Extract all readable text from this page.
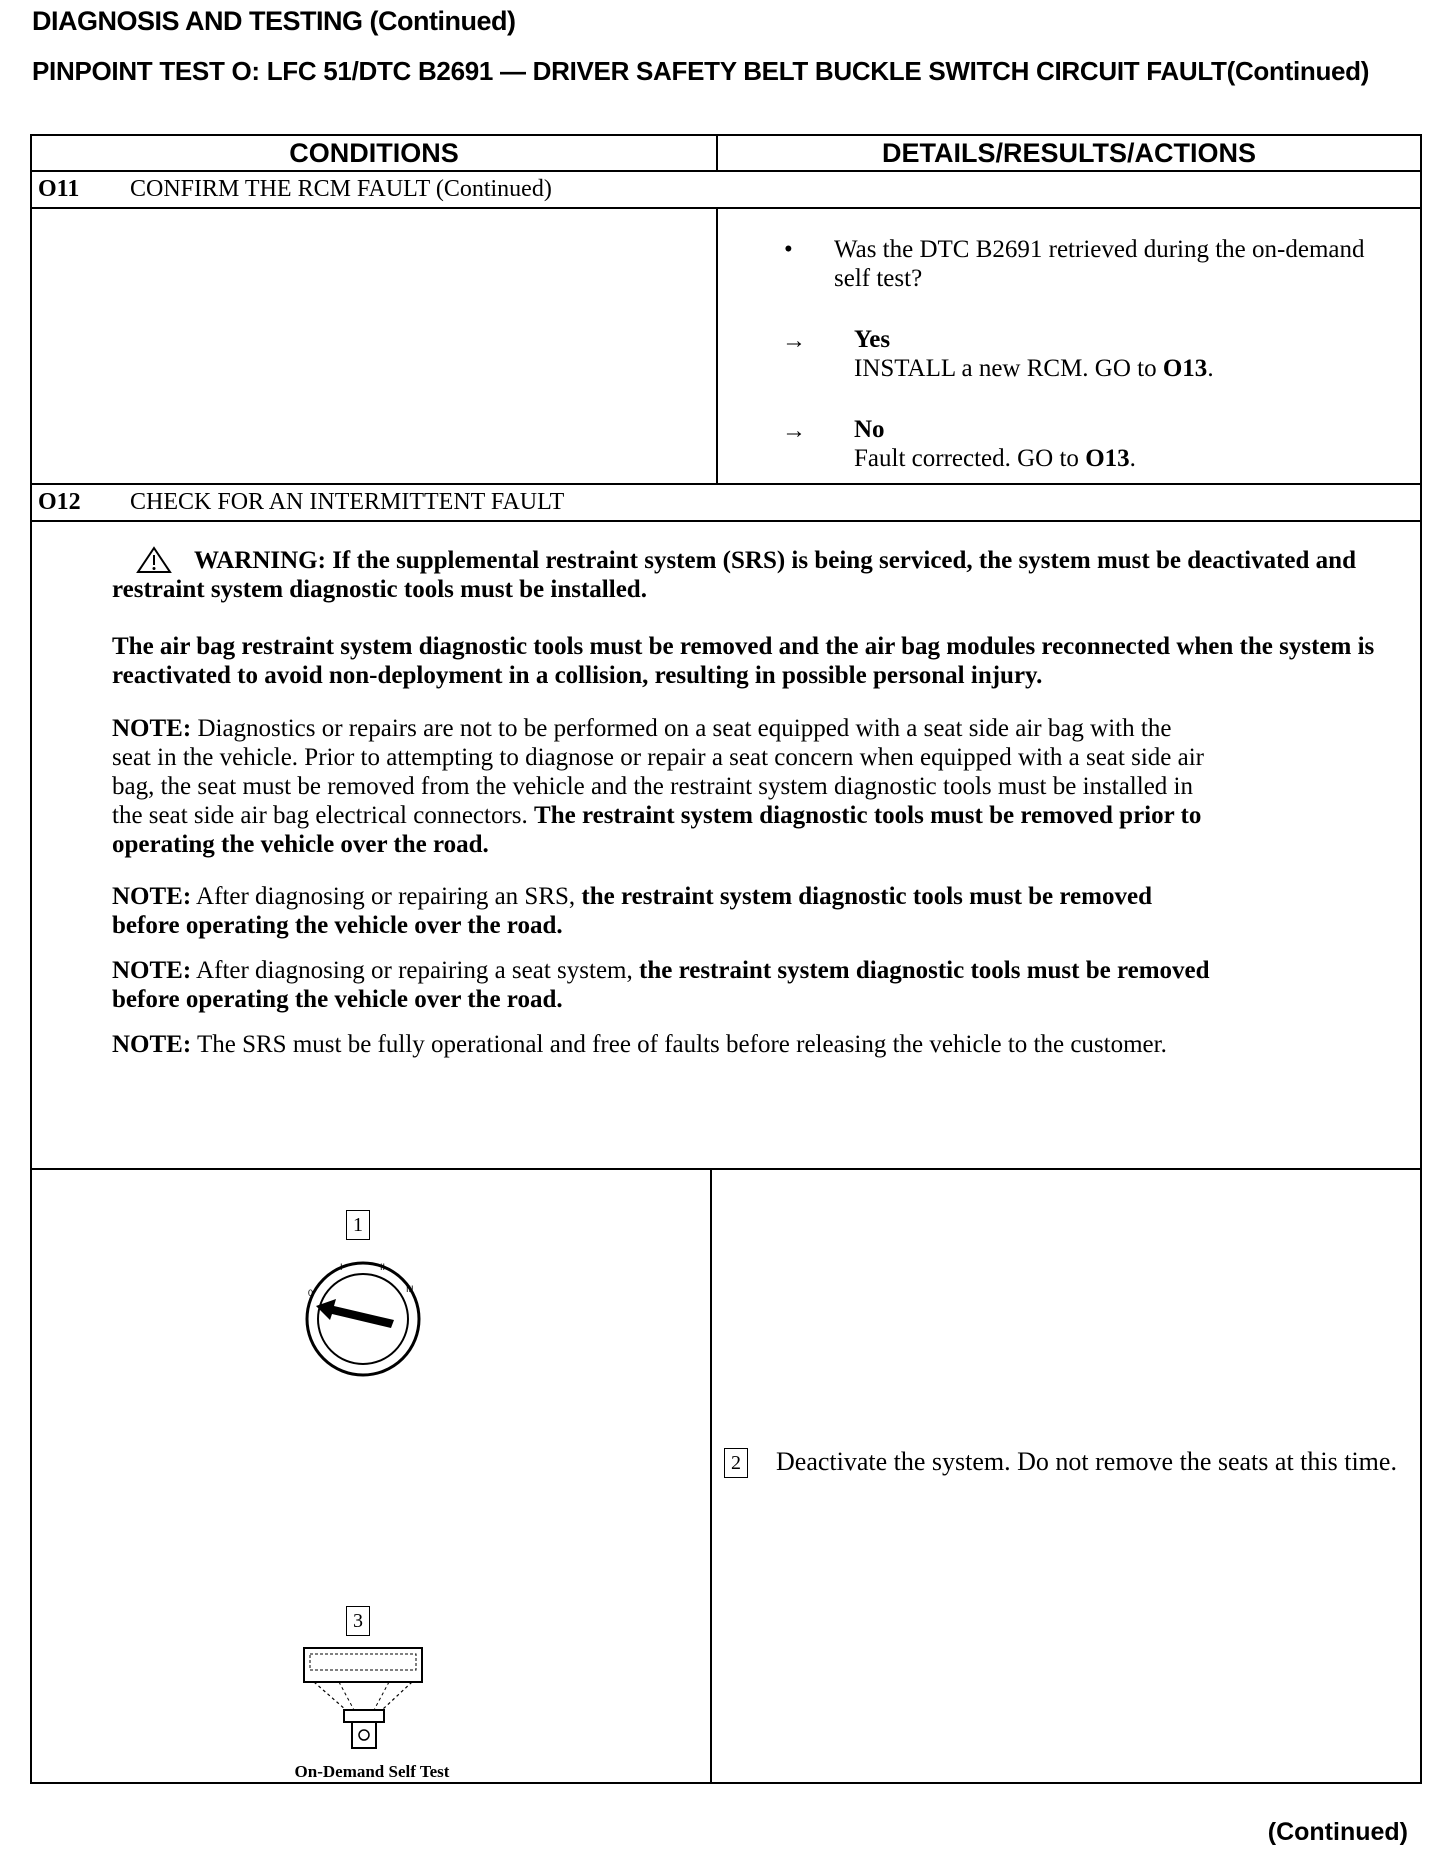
DIAGNOSIS AND TESTING (Continued)
PINPOINT TEST O: LFC 51/DTC B2691 — DRIVER SAFETY BELT BUCKLE SWITCH CIRCUIT FAULT(Continued)
CONDITIONS	DETAILS/RESULTS/ACTIONS
O11	CONFIRM THE RCM FAULT (Continued)
• Was the DTC B2691 retrieved during the on-demand self test?
→ Yes
INSTALL a new RCM. GO to O13.
→ No
Fault corrected. GO to O13.
O12	CHECK FOR AN INTERMITTENT FAULT

WARNING: If the supplemental restraint system (SRS) is being serviced, the system must be deactivated and restraint system diagnostic tools must be installed.

The air bag restraint system diagnostic tools must be removed and the air bag modules reconnected when the system is reactivated to avoid non-deployment in a collision, resulting in possible personal injury.

NOTE: Diagnostics or repairs are not to be performed on a seat equipped with a seat side air bag with the seat in the vehicle. Prior to attempting to diagnose or repair a seat concern when equipped with a seat side air bag, the seat must be removed from the vehicle and the restraint system diagnostic tools must be installed in the seat side air bag electrical connectors. The restraint system diagnostic tools must be removed prior to operating the vehicle over the road.

NOTE: After diagnosing or repairing an SRS, the restraint system diagnostic tools must be removed before operating the vehicle over the road.

NOTE: After diagnosing or repairing a seat system, the restraint system diagnostic tools must be removed before operating the vehicle over the road.

NOTE: The SRS must be fully operational and free of faults before releasing the vehicle to the customer.

1
0
I	II
III
3
On-Demand Self Test
2 Deactivate the system. Do not remove the seats at this time.
(Continued)
